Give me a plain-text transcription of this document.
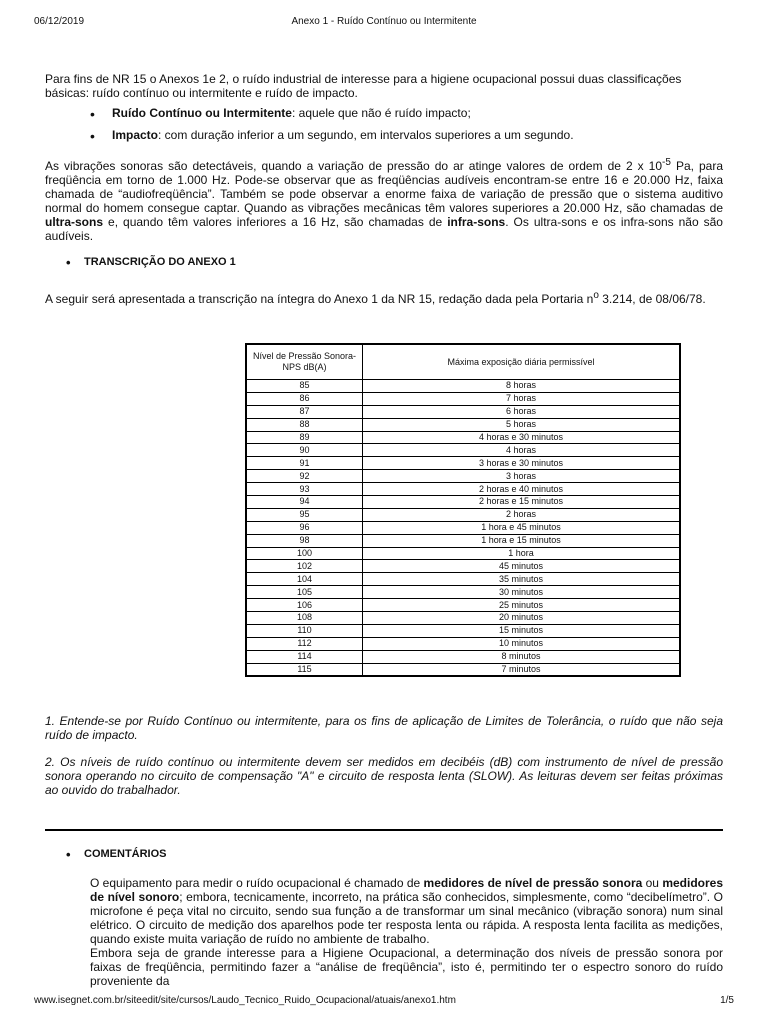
06/12/2019	Anexo 1 - Ruído Contínuo ou Intermitente
Para fins de NR 15 o Anexos 1e 2, o ruído industrial de interesse para a higiene ocupacional possui duas classificações básicas: ruído contínuo ou intermitente e ruído de impacto.
• Ruído Contínuo ou Intermitente: aquele que não é ruído impacto;
• Impacto: com duração inferior a um segundo, em intervalos superiores a um segundo.
As vibrações sonoras são detectáveis, quando a variação de pressão do ar atinge valores de ordem de 2 x $10^{-5}$ Pa, para freqüência em torno de 1.000 Hz. Pode-se observar que as freqüências audíveis encontram-se entre 16 e 20.000 Hz, faixa chamada de “audiofreqüência”. Também se pode observar a enorme faixa de variação de pressão que o sistema auditivo normal do homem consegue captar. Quando as vibrações mecânicas têm valores superiores a 20.000 Hz, são chamadas de ultra-sons e, quando têm valores inferiores a 16 Hz, são chamadas de infra-sons. Os ultra-sons e os infra-sons não são audíveis.
• TRANSCRIÇÃO DO ANEXO 1
A seguir será apresentada a transcrição na íntegra do Anexo 1 da NR 15, redação dada pela Portaria $n^o$ 3.214, de 08/06/78.
Nível de Pressão Sonora-NPS dB(A)	Máxima exposição diária permissível
85	8 horas
86	7 horas
87	6 horas
88	5 horas
89	4 horas e 30 minutos
90	4 horas
91	3 horas e 30 minutos
92	3 horas
93	2 horas e 40 minutos
94	2 horas e 15 minutos
95	2 horas
96	1 hora e 45 minutos
98	1 hora e 15 minutos
100	1 hora
102	45 minutos
104	35 minutos
105	30 minutos
106	25 minutos
108	20 minutos
110	15 minutos
112	10 minutos
114	8 minutos
115	7 minutos
1. Entende-se por Ruído Contínuo ou intermitente, para os fins de aplicação de Limites de Tolerância, o ruído que não seja ruído de impacto.
2. Os níveis de ruído contínuo ou intermitente devem ser medidos em decibéis (dB) com instrumento de nível de pressão sonora operando no circuito de compensação "A" e circuito de resposta lenta (SLOW). As leituras devem ser feitas próximas ao ouvido do trabalhador.
• COMENTÁRIOS
O equipamento para medir o ruído ocupacional é chamado de medidores de nível de pressão sonora ou medidores de nível sonoro; embora, tecnicamente, incorreto, na prática são conhecidos, simplesmente, como “decibelímetro”. O microfone é peça vital no circuito, sendo sua função a de transformar um sinal mecânico (vibração sonora) num sinal elétrico. O circuito de medição dos aparelhos pode ter resposta lenta ou rápida. A resposta lenta facilita as medições, quando existe muita variação de ruído no ambiente de trabalho.
Embora seja de grande interesse para a Higiene Ocupacional, a determinação dos níveis de pressão sonora por faixas de freqüência, permitindo fazer a “análise de freqüência”, isto é, permitindo ter o espectro sonoro do ruído proveniente da
www.isegnet.com.br/siteedit/site/cursos/Laudo_Tecnico_Ruido_Ocupacional/atuais/anexo1.htm	1/5
